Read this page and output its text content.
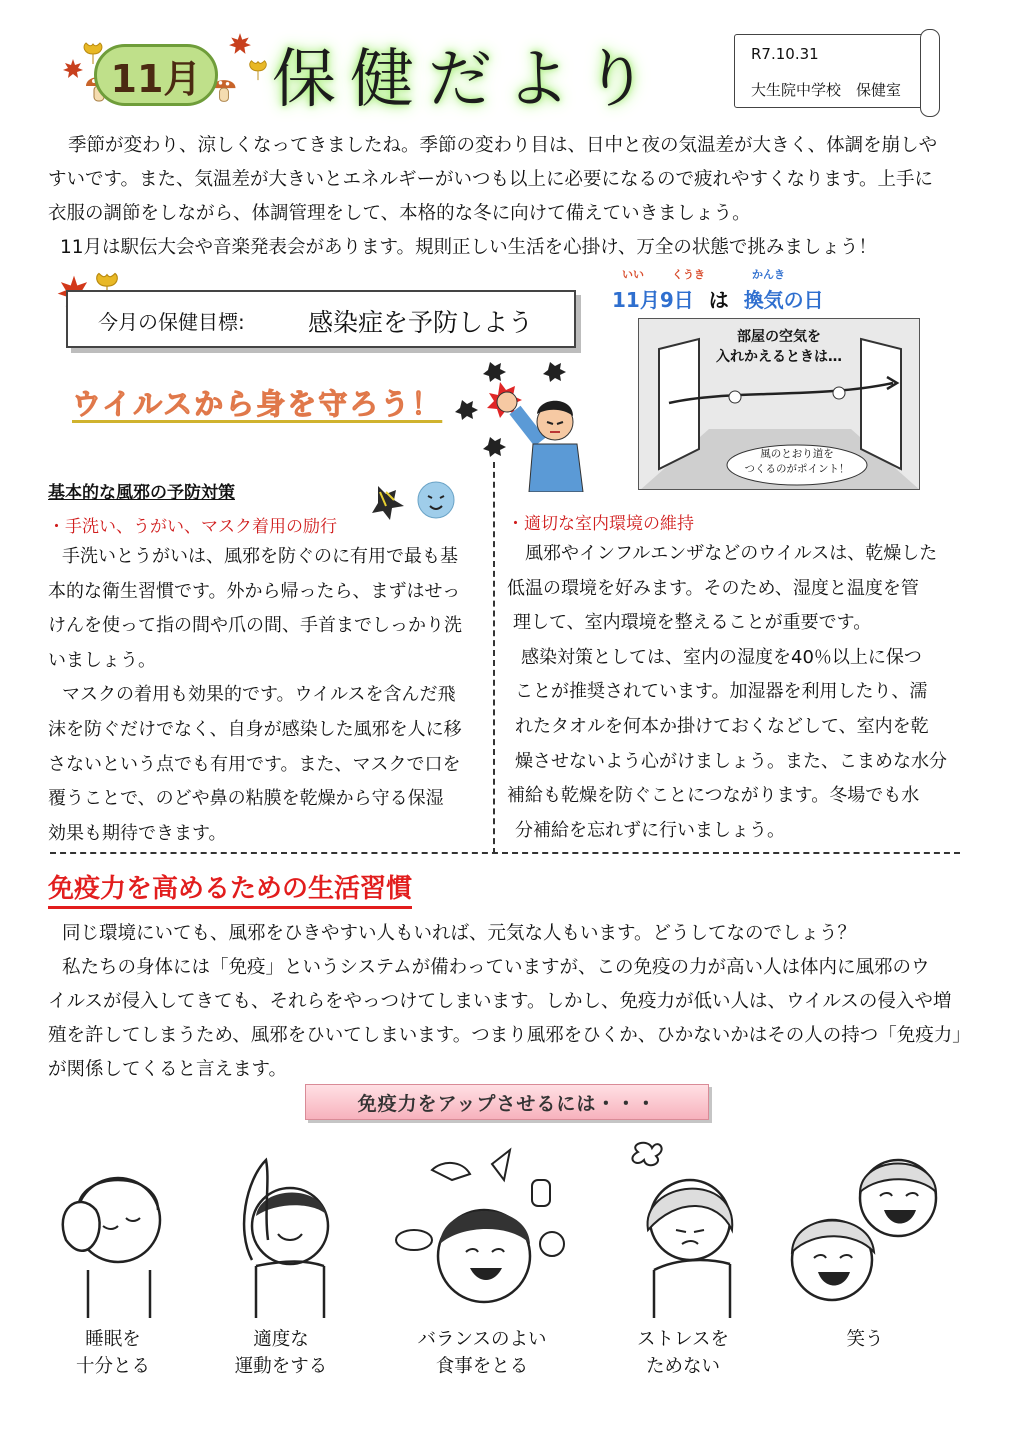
11月 保健だより	R7.10.31
大生院中学校　保健室
季節が変わり、涼しくなってきましたね。季節の変わり目は、日中と夜の気温差が大きく、体調を崩しや
すいです。また、気温差が大きいとエネルギーがいつも以上に必要になるので疲れやすくなります。上手に
衣服の調節をしながら、体調管理をして、本格的な冬に向けて備えていきましょう。
11月は駅伝大会や音楽発表会があります。規則正しい生活を心掛け、万全の状態で挑みましょう！
今月の保健目標:	感染症を予防しよう
ウイルスから身を守ろう！
いい	くうき	かんき
11月9日 は 換気の日
部屋の空気を
入れかえるときは…
風のとおり道を
つくるのがポイント！
基本的な風邪の予防対策
・手洗い、うがい、マスク着用の励行
手洗いとうがいは、風邪を防ぐのに有用で最も基
本的な衛生習慣です。外から帰ったら、まずはせっ
けんを使って指の間や爪の間、手首までしっかり洗
いましょう。
マスクの着用も効果的です。ウイルスを含んだ飛
沫を防ぐだけでなく、自身が感染した風邪を人に移
さないという点でも有用です。また、マスクで口を
覆うことで、のどや鼻の粘膜を乾燥から守る保湿
効果も期待できます。
・適切な室内環境の維持
風邪やインフルエンザなどのウイルスは、乾燥した
低温の環境を好みます。そのため、湿度と温度を管
理して、室内環境を整えることが重要です。
感染対策としては、室内の湿度を40％以上に保つ
ことが推奨されています。加湿器を利用したり、濡
れたタオルを何本か掛けておくなどして、室内を乾
燥させないよう心がけましょう。また、こまめな水分
補給も乾燥を防ぐことにつながります。冬場でも水
分補給を忘れずに行いましょう。
免疫力を高めるための生活習慣
同じ環境にいても、風邪をひきやすい人もいれば、元気な人もいます。どうしてなのでしょう？
私たちの身体には「免疫」というシステムが備わっていますが、この免疫の力が高い人は体内に風邪のウ
イルスが侵入してきても、それらをやっつけてしまいます。しかし、免疫力が低い人は、ウイルスの侵入や増
殖を許してしまうため、風邪をひいてしまいます。つまり風邪をひくか、ひかないかはその人の持つ「免疫力」
が関係してくると言えます。
免疫力をアップさせるには・・・
睡眠を
十分とる
適度な
運動をする
バランスのよい
食事をとる
ストレスを
ためない
笑う
